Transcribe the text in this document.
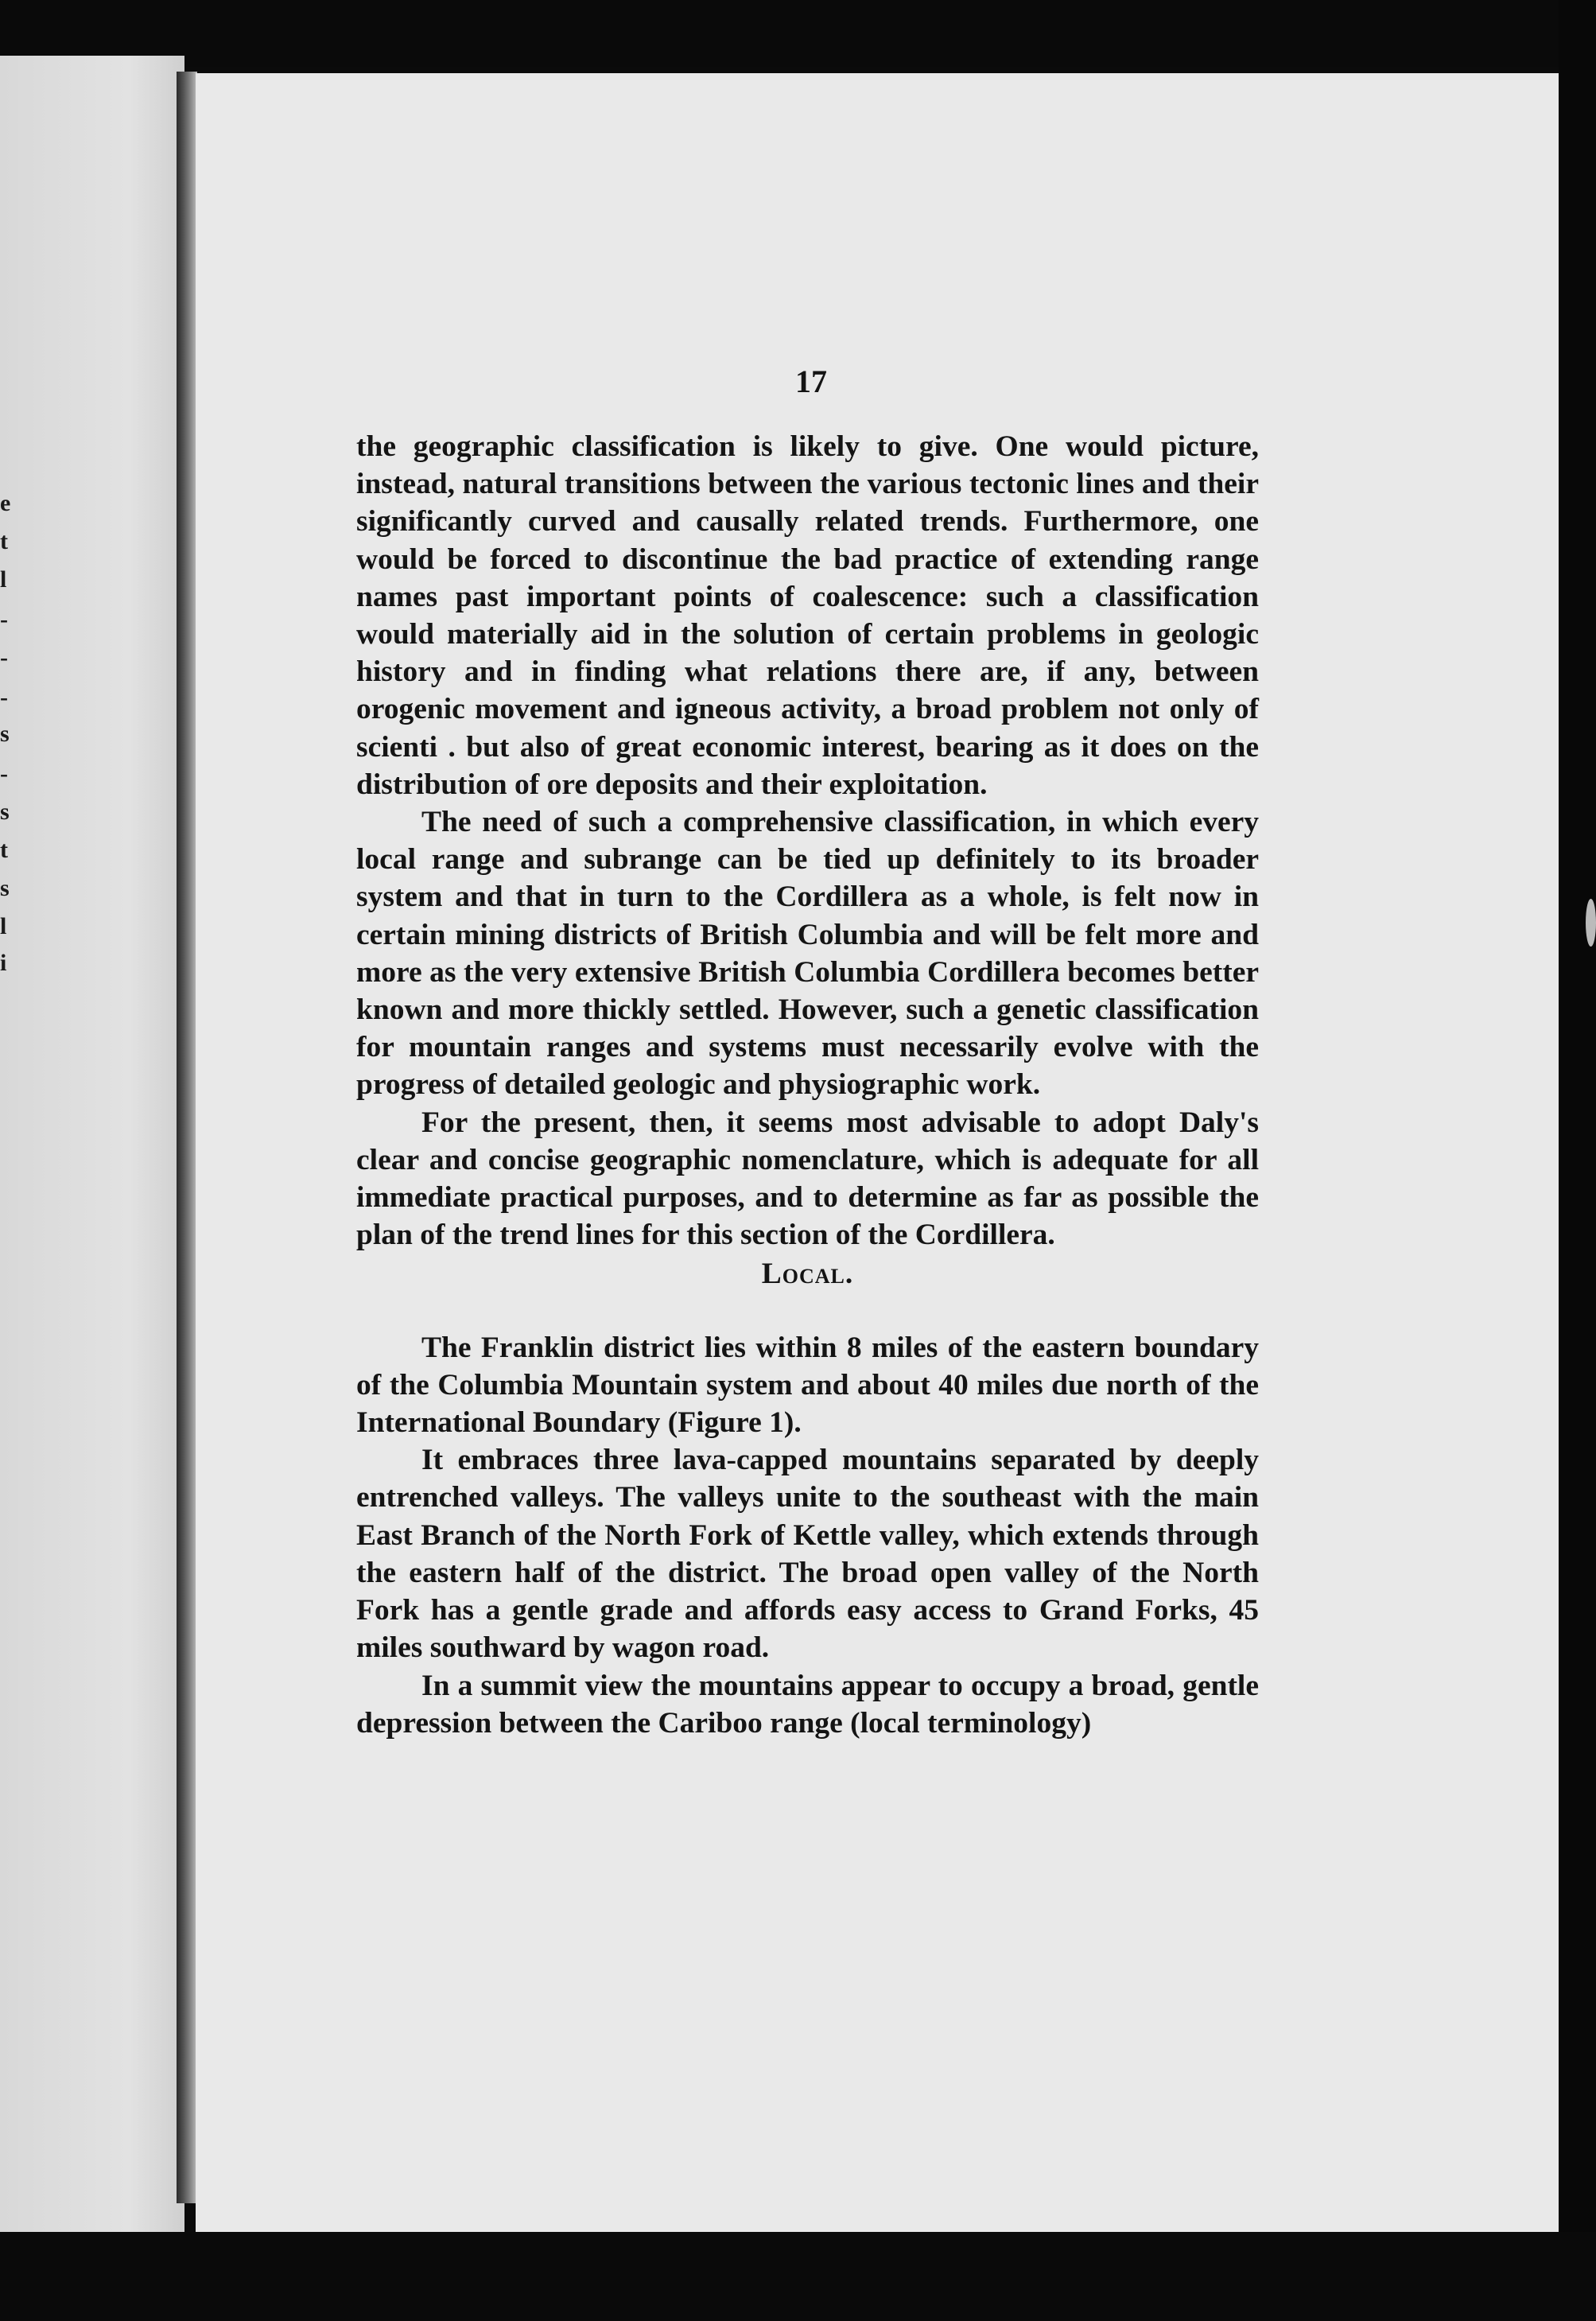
e
t
l
-
-
-
s
-
s
t
s
l
i
17

the geographic classification is likely to give. One would picture, instead, natural transitions between the various tectonic lines and their significantly curved and causally related trends. Furthermore, one would be forced to discontinue the bad practice of extending range names past important points of coalescence: such a classification would materially aid in the solution of certain problems in geologic history and in finding what relations there are, if any, between orogenic movement and igneous activity, a broad problem not only of scienti . but also of great economic interest, bearing as it does on the distribution of ore deposits and their exploitation.

The need of such a comprehensive classification, in which every local range and subrange can be tied up definitely to its broader system and that in turn to the Cordillera as a whole, is felt now in certain mining districts of British Columbia and will be felt more and more as the very extensive British Columbia Cordillera becomes better known and more thickly settled. However, such a genetic classification for mountain ranges and systems must necessarily evolve with the progress of detailed geologic and physiographic work.

For the present, then, it seems most advisable to adopt Daly's clear and concise geographic nomenclature, which is adequate for all immediate practical purposes, and to determine as far as possible the plan of the trend lines for this section of the Cordillera.

Local.

The Franklin district lies within 8 miles of the eastern boundary of the Columbia Mountain system and about 40 miles due north of the International Boundary (Figure 1).

It embraces three lava-capped mountains separated by deeply entrenched valleys. The valleys unite to the southeast with the main East Branch of the North Fork of Kettle valley, which extends through the eastern half of the district. The broad open valley of the North Fork has a gentle grade and affords easy access to Grand Forks, 45 miles southward by wagon road.

In a summit view the mountains appear to occupy a broad, gentle depression between the Cariboo range (local terminology)
